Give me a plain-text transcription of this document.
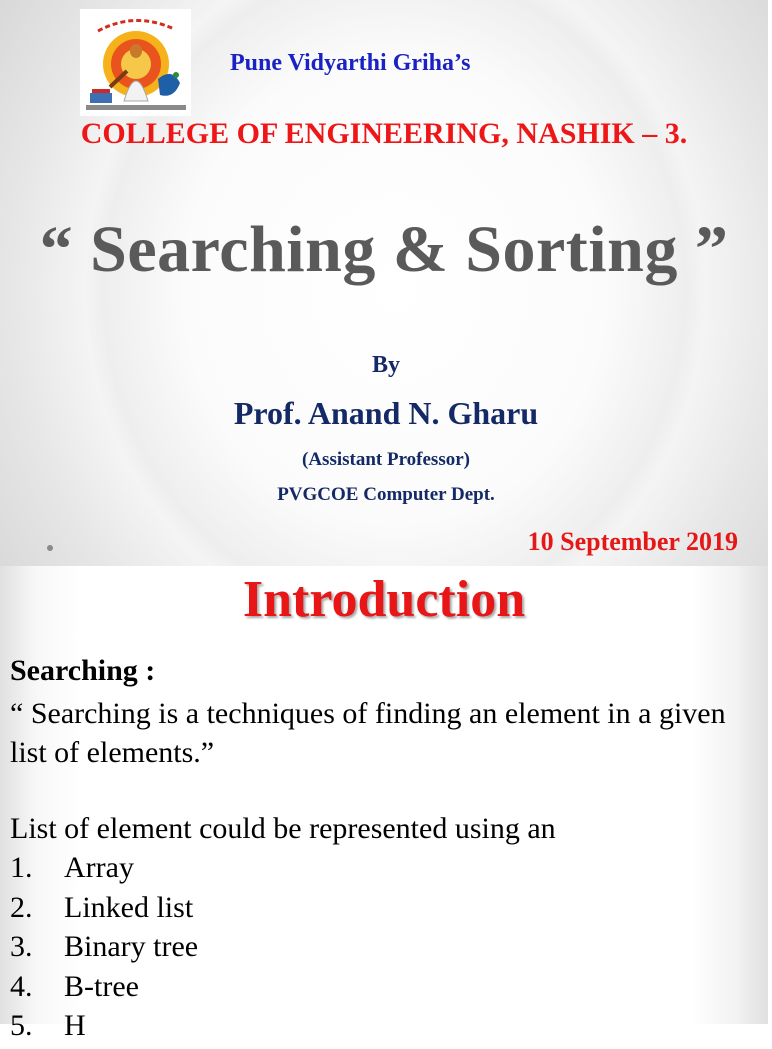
Pune Vidyarthi Griha’s
COLLEGE OF ENGINEERING, NASHIK – 3.
“ Searching & Sorting ”
By
Prof. Anand N. Gharu
(Assistant Professor)
PVGCOE Computer Dept.
10 September 2019
Introduction
Searching :
“ Searching is a techniques of finding an element in a given list of elements.”
List of element could be represented using an
1. Array
2. Linked list
3. Binary tree
4. B-tree
5. H
